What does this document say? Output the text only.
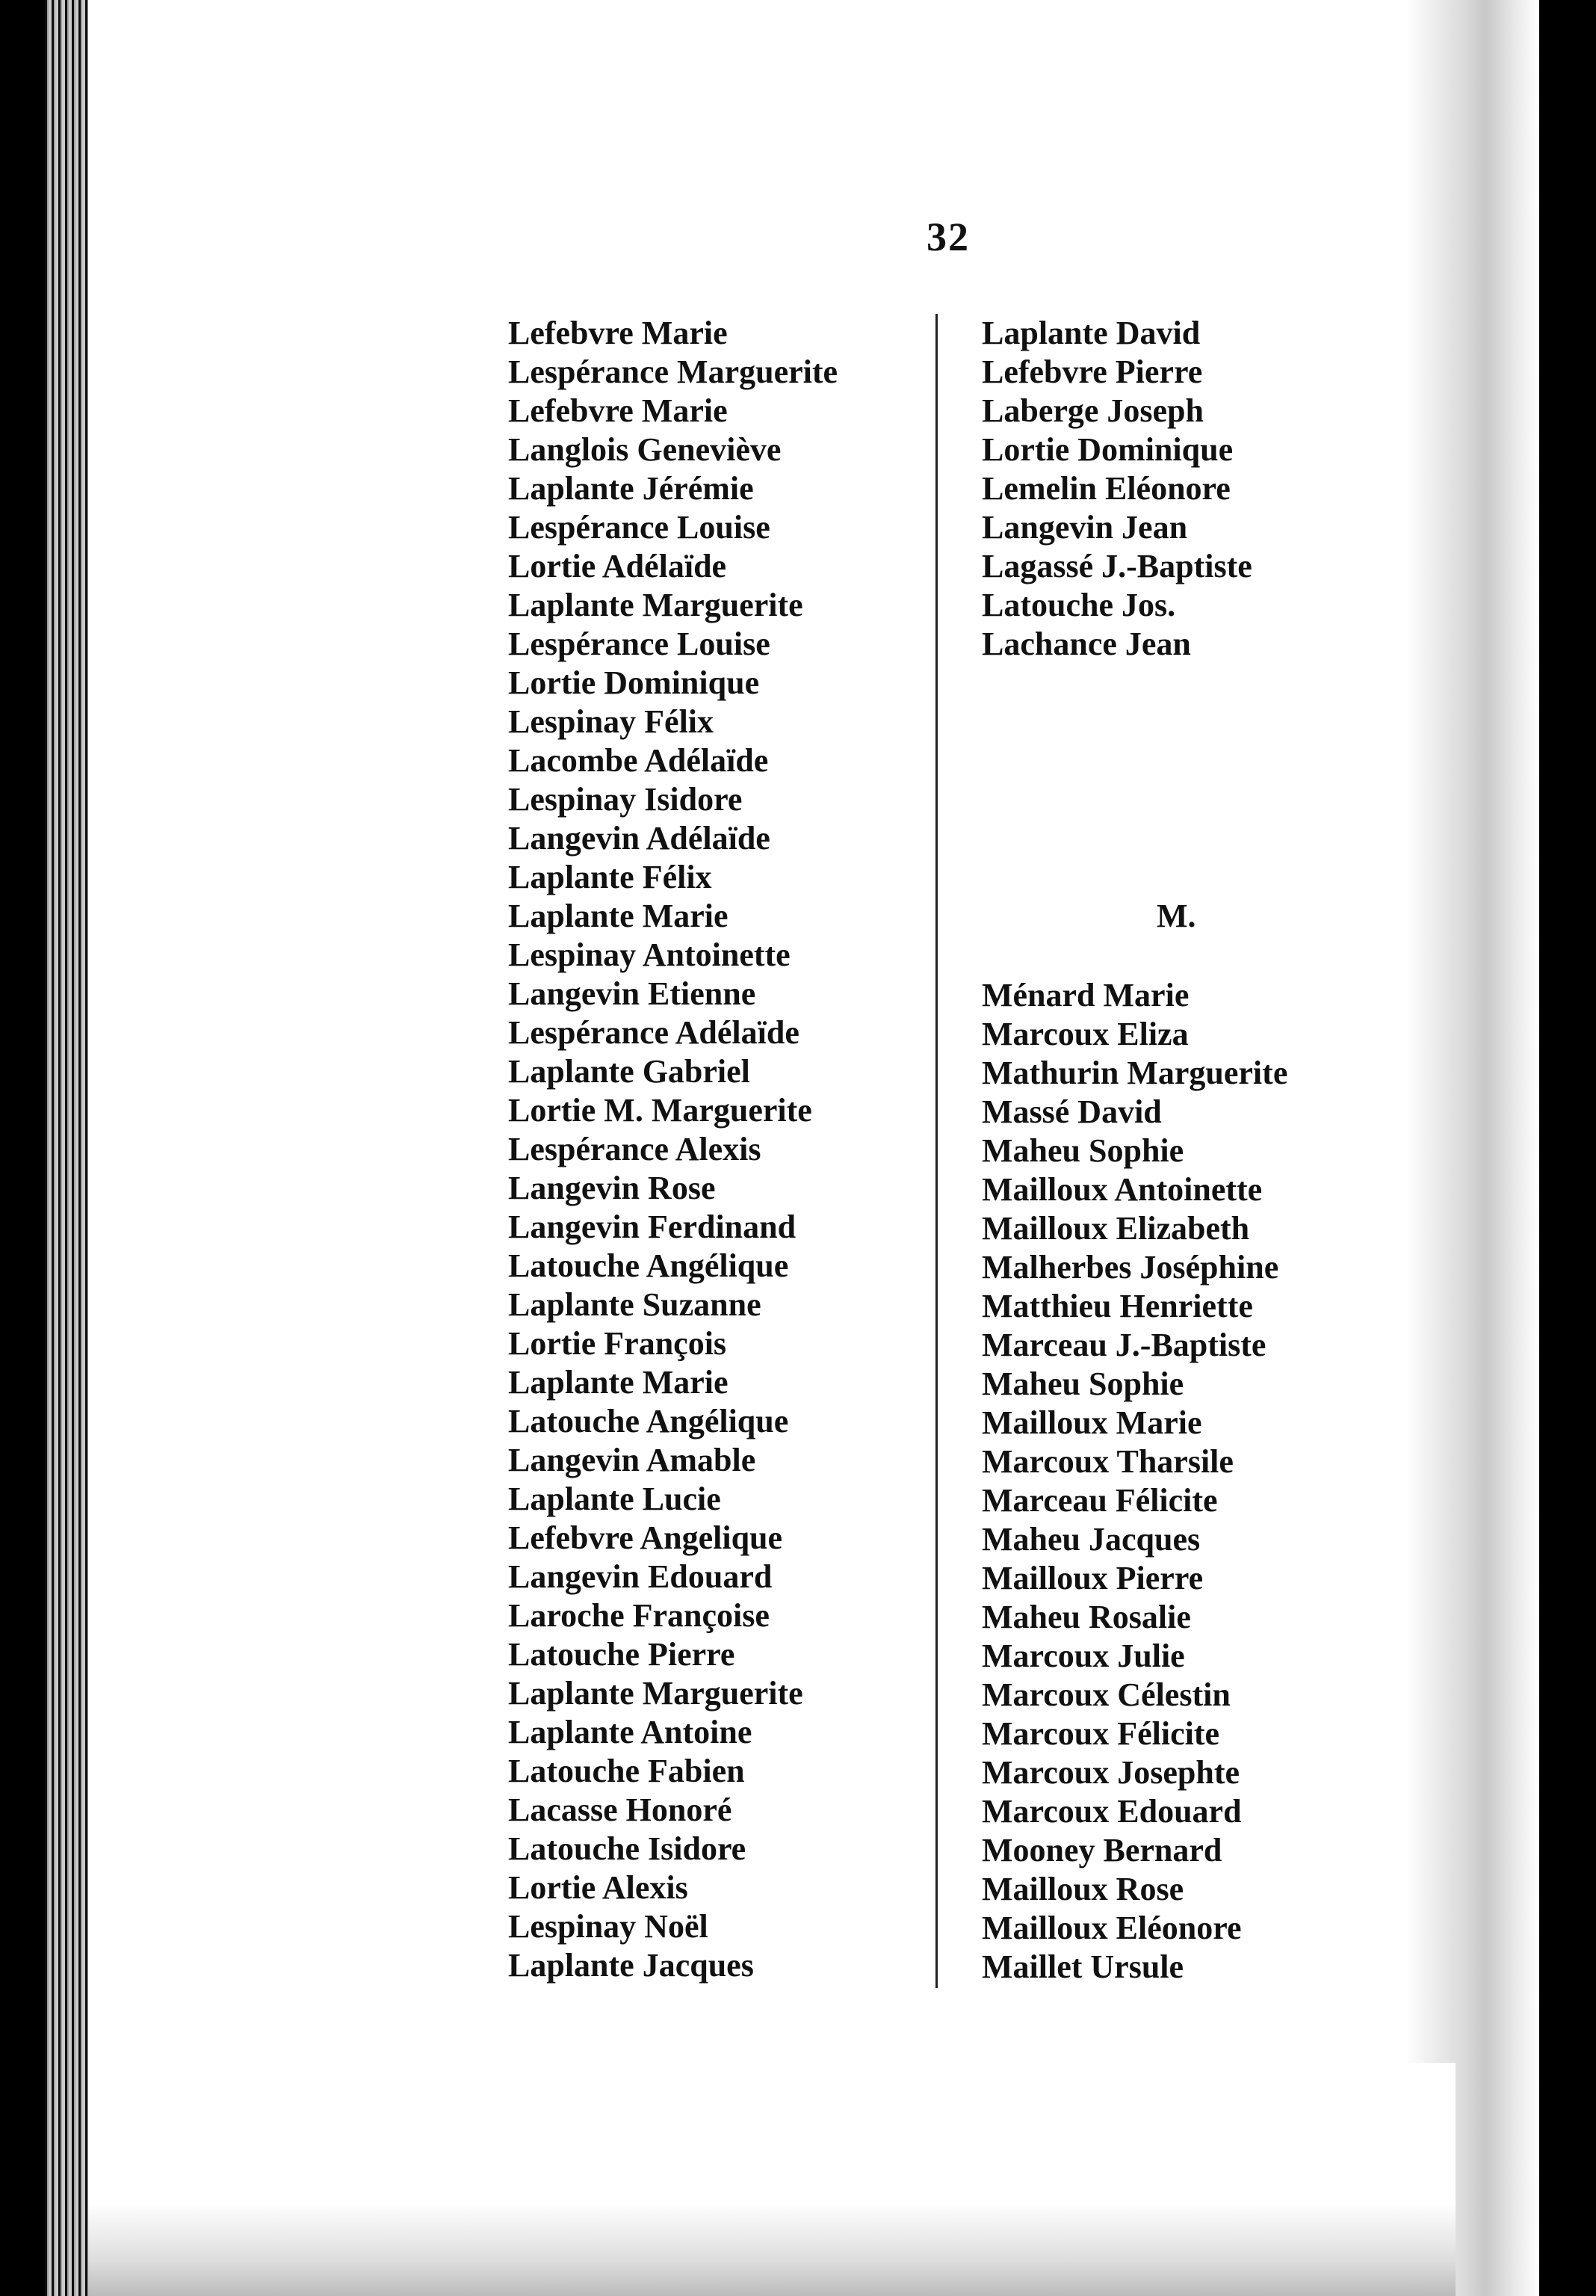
32
Lefebvre Marie
Lespérance Marguerite
Lefebvre Marie
Langlois Geneviève
Laplante Jérémie
Lespérance Louise
Lortie Adélaïde
Laplante Marguerite
Lespérance Louise
Lortie Dominique
Lespinay Félix
Lacombe Adélaïde
Lespinay Isidore
Langevin Adélaïde
Laplante Félix
Laplante Marie
Lespinay Antoinette
Langevin Etienne
Lespérance Adélaïde
Laplante Gabriel
Lortie M. Marguerite
Lespérance Alexis
Langevin Rose
Langevin Ferdinand
Latouche Angélique
Laplante Suzanne
Lortie François
Laplante Marie
Latouche Angélique
Langevin Amable
Laplante Lucie
Lefebvre Angelique
Langevin Edouard
Laroche Françoise
Latouche Pierre
Laplante Marguerite
Laplante Antoine
Latouche Fabien
Lacasse Honoré
Latouche Isidore
Lortie Alexis
Lespinay Noël
Laplante Jacques
Laplante David
Lefebvre Pierre
Laberge Joseph
Lortie Dominique
Lemelin Eléonore
Langevin Jean
Lagassé J.-Baptiste
Latouche Jos.
Lachance Jean
M.
Ménard Marie
Marcoux Eliza
Mathurin Marguerite
Massé David
Maheu Sophie
Mailloux Antoinette
Mailloux Elizabeth
Malherbes Joséphine
Matthieu Henriette
Marceau J.-Baptiste
Maheu Sophie
Mailloux Marie
Marcoux Tharsile
Marceau Félicite
Maheu Jacques
Mailloux Pierre
Maheu Rosalie
Marcoux Julie
Marcoux Célestin
Marcoux Félicite
Marcoux Josephte
Marcoux Edouard
Mooney Bernard
Mailloux Rose
Mailloux Eléonore
Maillet Ursule
